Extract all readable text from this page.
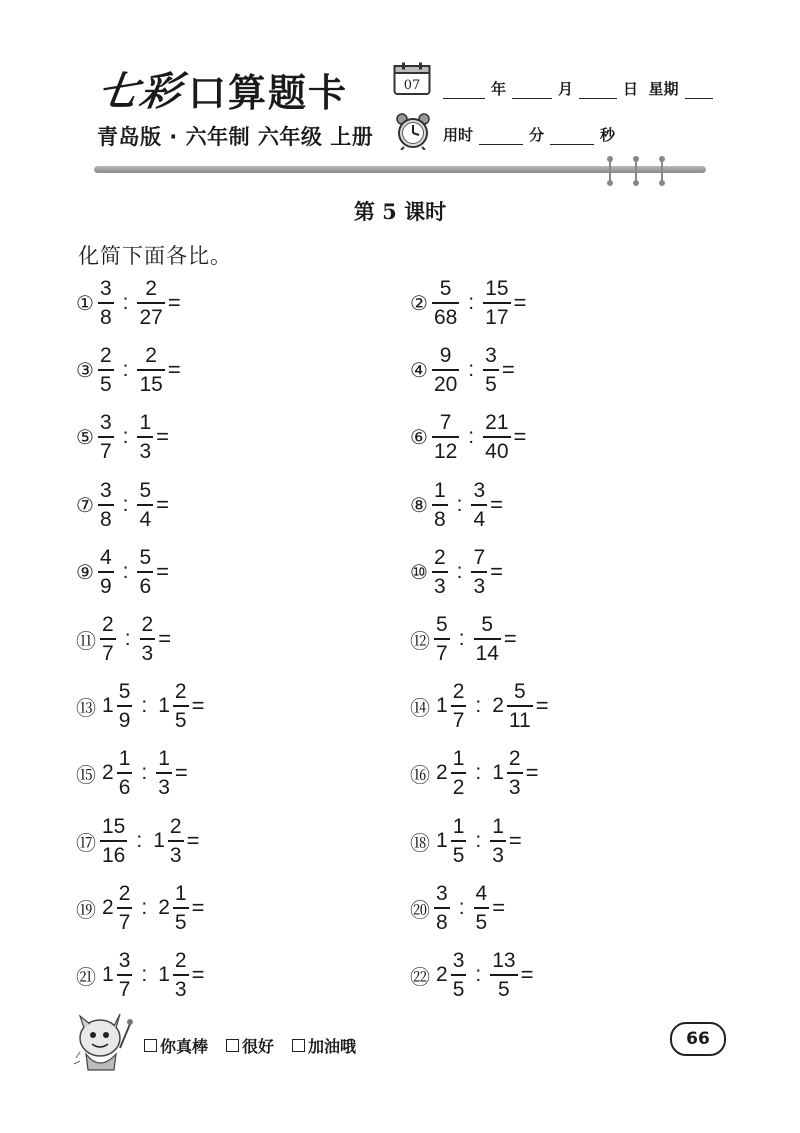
七彩 口算题卡
青岛版 · 六年制 六年级 上册
07	年	月	日 星期
用时	分	秒
第 5 课时
化简下面各比。
① $\frac{3}{8}$ : $\frac{2}{27}$ =	② $\frac{5}{68}$ : $\frac{15}{17}$ =
③ $\frac{2}{5}$ : $\frac{2}{15}$ =	④ $\frac{9}{20}$ : $\frac{3}{5}$ =
⑤ $\frac{3}{7}$ : $\frac{1}{3}$ =	⑥ $\frac{7}{12}$ : $\frac{21}{40}$ =
⑦ $\frac{3}{8}$ : $\frac{5}{4}$ =	⑧ $\frac{1}{8}$ : $\frac{3}{4}$ =
⑨ $\frac{4}{9}$ : $\frac{5}{6}$ =	⑩ $\frac{2}{3}$ : $\frac{7}{3}$ =
⑪ $\frac{2}{7}$ : $\frac{2}{3}$ =	⑫ $\frac{5}{7}$ : $\frac{5}{14}$ =
⑬ $1 \frac{5}{9}$ : $1 \frac{2}{5}$ =	⑭ $1 \frac{2}{7}$ : $2 \frac{5}{11}$ =
⑮ $2 \frac{1}{6}$ : $\frac{1}{3}$ =	⑯ $2 \frac{1}{2}$ : $1 \frac{2}{3}$ =
⑰ $\frac{15}{16}$ : $1 \frac{2}{3}$ =	⑱ $1 \frac{1}{5}$ : $\frac{1}{3}$ =
⑲ $2 \frac{2}{7}$ : $2 \frac{1}{5}$ =	⑳ $\frac{3}{8}$ : $\frac{4}{5}$ =
㉑ $1 \frac{3}{7}$ : $1 \frac{2}{3}$ =	㉒ $2 \frac{3}{5}$ : $\frac{13}{5}$ =
你真棒 很好 加油哦	66
